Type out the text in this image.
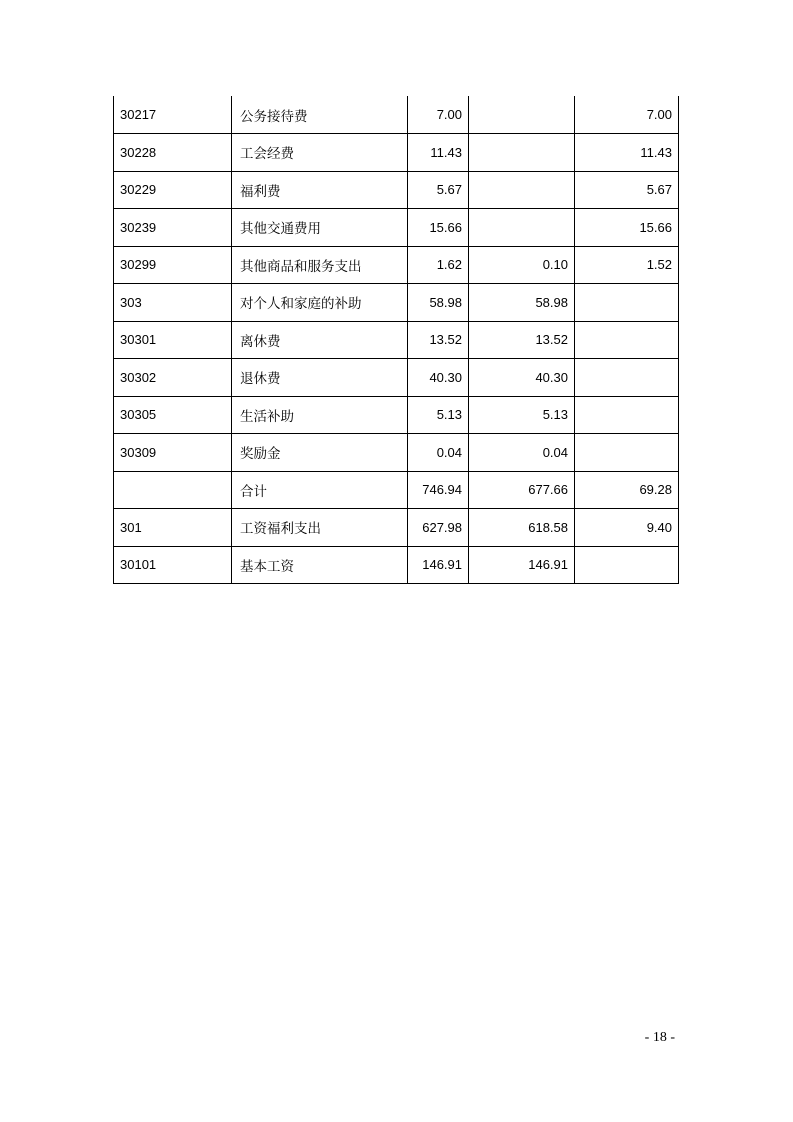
30217	公务接待费	7.00		7.00
30228	工会经费	11.43		11.43
30229	福利费	5.67		5.67
30239	其他交通费用	15.66		15.66
30299	其他商品和服务支出	1.62	0.10	1.52
303	对个人和家庭的补助	58.98	58.98	
30301	离休费	13.52	13.52	
30302	退休费	40.30	40.30	
30305	生活补助	5.13	5.13	
30309	奖励金	0.04	0.04	
	合计	746.94	677.66	69.28
301	工资福利支出	627.98	618.58	9.40
30101	基本工资	146.91	146.91	
- 18 -
